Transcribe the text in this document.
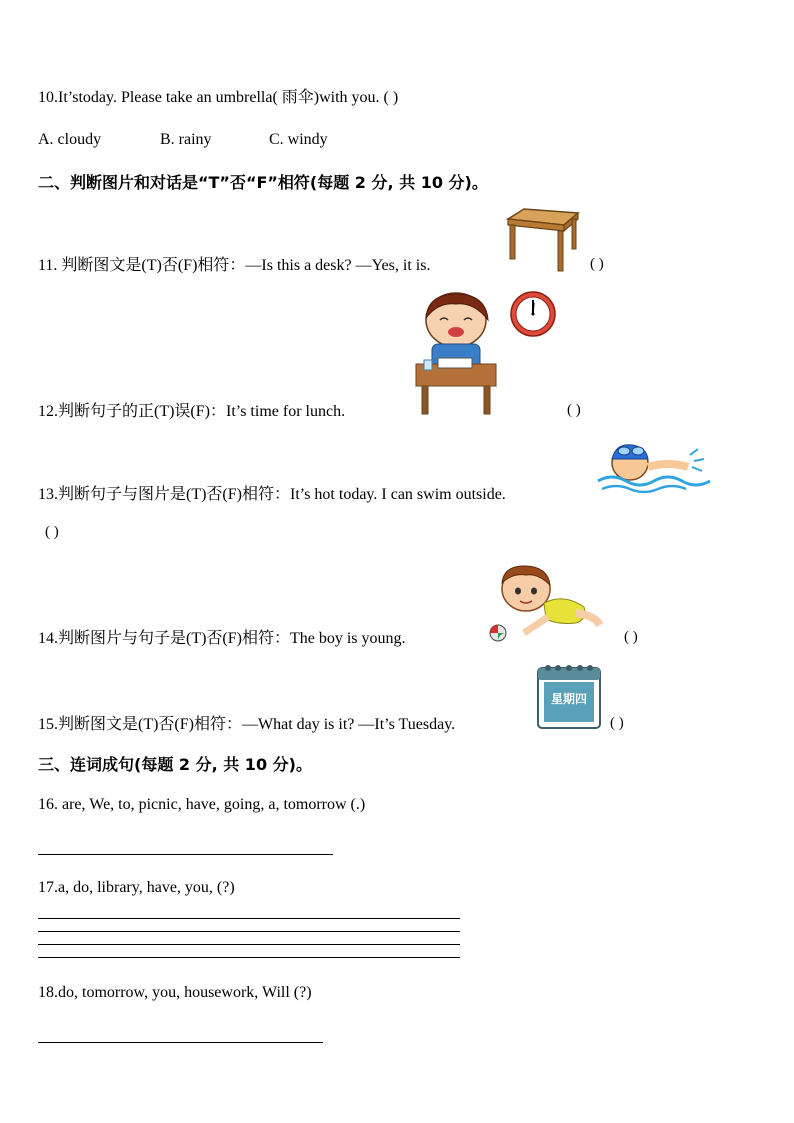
10.It’stoday. Please take an umbrella( 雨伞)with you. ( )
A. cloudy	B. rainy	C. windy
二、判断图片和对话是“T”否“F”相符(每题 2 分, 共 10 分)。
11. 判断图文是(T)否(F)相符：—Is this a desk? —Yes, it is.	( )
12.判断句子的正(T)误(F)：It’s time for lunch.	( )
13.判断句子与图片是(T)否(F)相符：It’s hot today. I can swim outside.
( )
14.判断图片与句子是(T)否(F)相符：The boy is young.	( )
星期四
15.判断图文是(T)否(F)相符：—What day is it? —It’s Tuesday.	( )
三、连词成句(每题 2 分, 共 10 分)。
16. are, We, to, picnic, have, going, a, tomorrow (.)
17.a, do, library, have, you, (?)
18.do, tomorrow, you, housework, Will (?)
